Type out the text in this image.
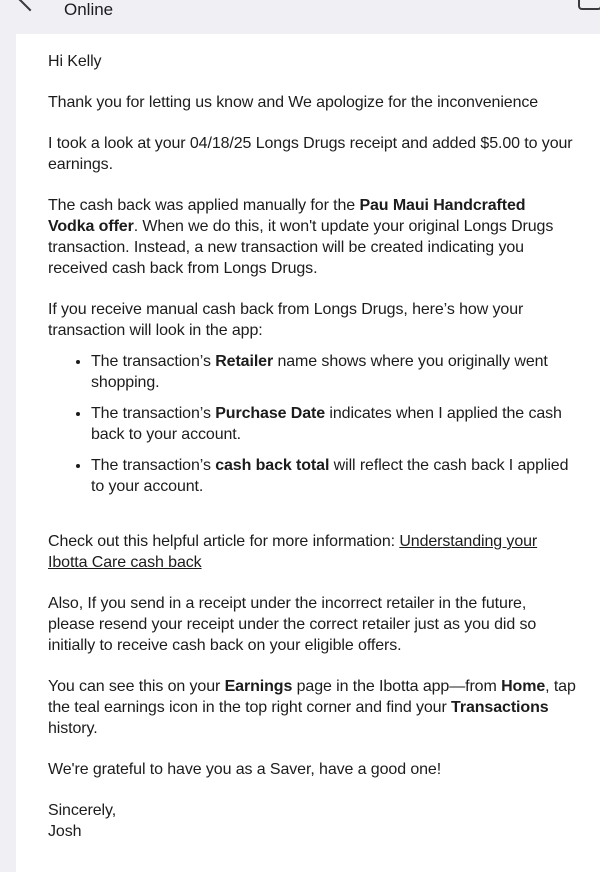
Online

Hi Kelly

Thank you for letting us know and We apologize for the inconvenience

I took a look at your 04/18/25 Longs Drugs receipt and added $5.00 to your earnings.

The cash back was applied manually for the Pau Maui Handcrafted Vodka offer. When we do this, it won't update your original Longs Drugs transaction. Instead, a new transaction will be created indicating you received cash back from Longs Drugs.

If you receive manual cash back from Longs Drugs, here’s how your transaction will look in the app:

• The transaction’s Retailer name shows where you originally went shopping.
• The transaction’s Purchase Date indicates when I applied the cash back to your account.
• The transaction’s cash back total will reflect the cash back I applied to your account.

Check out this helpful article for more information: Understanding your Ibotta Care cash back

Also, If you send in a receipt under the incorrect retailer in the future, please resend your receipt under the correct retailer just as you did so initially to receive cash back on your eligible offers.

You can see this on your Earnings page in the Ibotta app—from Home, tap the teal earnings icon in the top right corner and find your Transactions history.

We're grateful to have you as a Saver, have a good one!

Sincerely,
Josh
